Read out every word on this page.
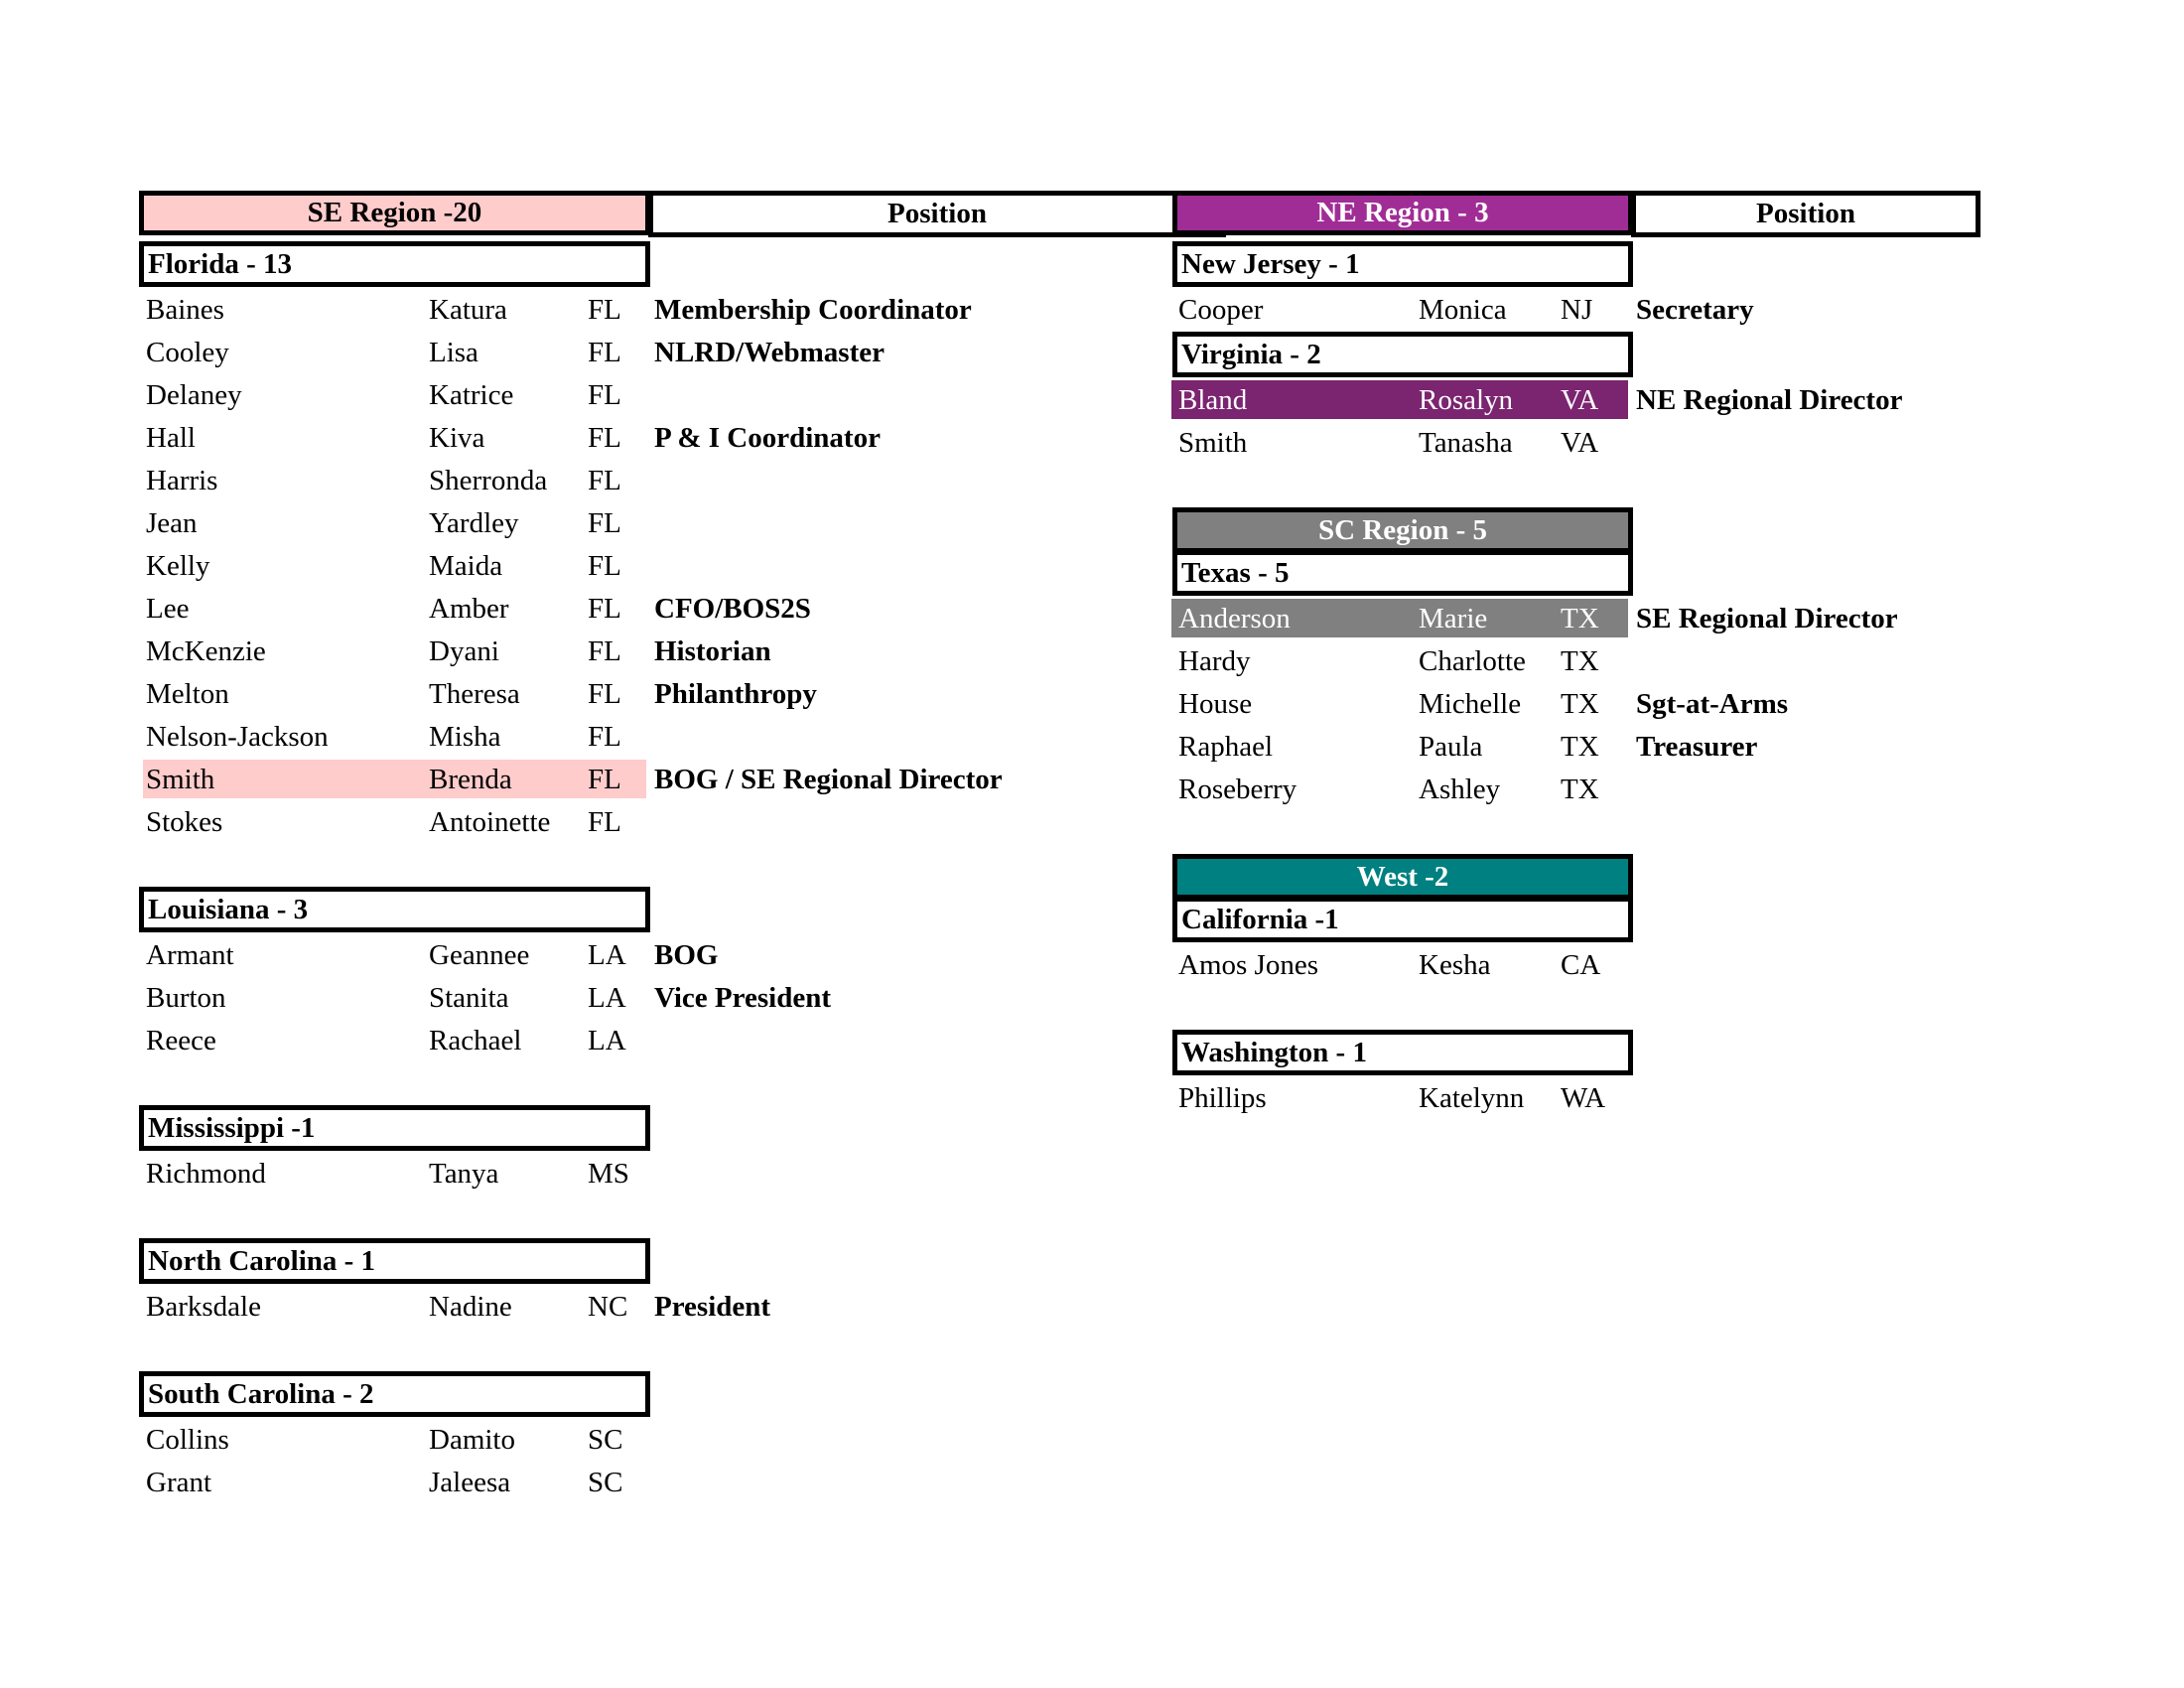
SE Region -20	Position
Florida - 13
Baines	Katura	FL Membership Coordinator
Cooley	Lisa	FL NLRD/Webmaster
Delaney	Katrice	FL
Hall	Kiva	FL P & I Coordinator
Harris	Sherronda FL
Jean	Yardley FL
Kelly	Maida	FL
Lee	Amber	FL CFO/BOS2S
McKenzie	Dyani	FL Historian
Melton	Theresa FL Philanthropy
Nelson-Jackson	Misha	FL
Smith	Brenda	FL BOG / SE Regional Director
Stokes	Antoinette FL
Louisiana - 3
Armant	Geannee LA BOG
Burton	Stanita	LA Vice President
Reece	Rachael LA
Mississippi -1
Richmond	Tanya	MS
North Carolina - 1
Barksdale	Nadine	NC President
South Carolina - 2
Collins	Damito	SC
Grant	Jaleesa	SC
NE Region - 3	Position
New Jersey - 1
Cooper	Monica NJ Secretary
Virginia - 2
Bland	Rosalyn VA NE Regional Director
Smith	Tanasha VA
SC Region - 5
Texas - 5
Anderson	Marie	TX SE Regional Director
Hardy	Charlotte TX
House	Michelle TX Sgt-at-Arms
Raphael	Paula	TX Treasurer
Roseberry	Ashley TX
West -2
California -1
Amos Jones	Kesha CA
Washington - 1
Phillips	Katelynn WA
